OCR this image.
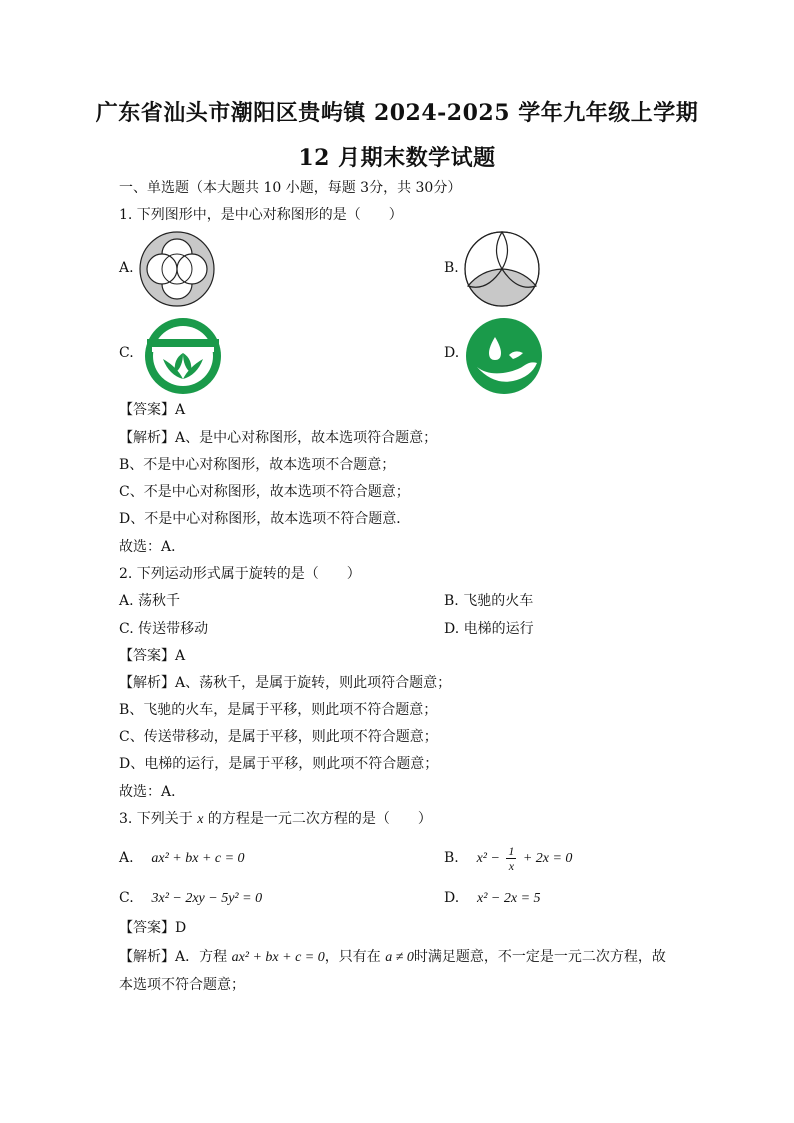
广东省汕头市潮阳区贵屿镇 2024-2025 学年九年级上学期
12 月期末数学试题
一、单选题（本大题共 10 小题，每题 3分，共 30分）
1. 下列图形中，是中心对称图形的是（　　）
A.	B.
C.	D.
【答案】A
【解析】A、是中心对称图形，故本选项符合题意；
B、不是中心对称图形，故本选项不合题意；
C、不是中心对称图形，故本选项不符合题意；
D、不是中心对称图形，故本选项不符合题意．
故选：A．
2. 下列运动形式属于旋转的是（　　）
A. 荡秋千	B. 飞驰的火车
C. 传送带移动	D. 电梯的运行
【答案】A
【解析】A、荡秋千，是属于旋转，则此项符合题意；
B、飞驰的火车，是属于平移，则此项不符合题意；
C、传送带移动，是属于平移，则此项不符合题意；
D、电梯的运行，是属于平移，则此项不符合题意；
故选：A．
3. 下列关于 x 的方程是一元二次方程的是（　　）
A. ax² + bx + c = 0	B. $x^2 - \frac{1}{x} + 2x = 0$
C. 3x² − 2xy − 5y² = 0	D. x² − 2x = 5
【答案】D
【解析】A．方程 ax² + bx + c = 0，只有在 a ≠ 0时满足题意，不一定是一元二次方程，故
本选项不符合题意；
